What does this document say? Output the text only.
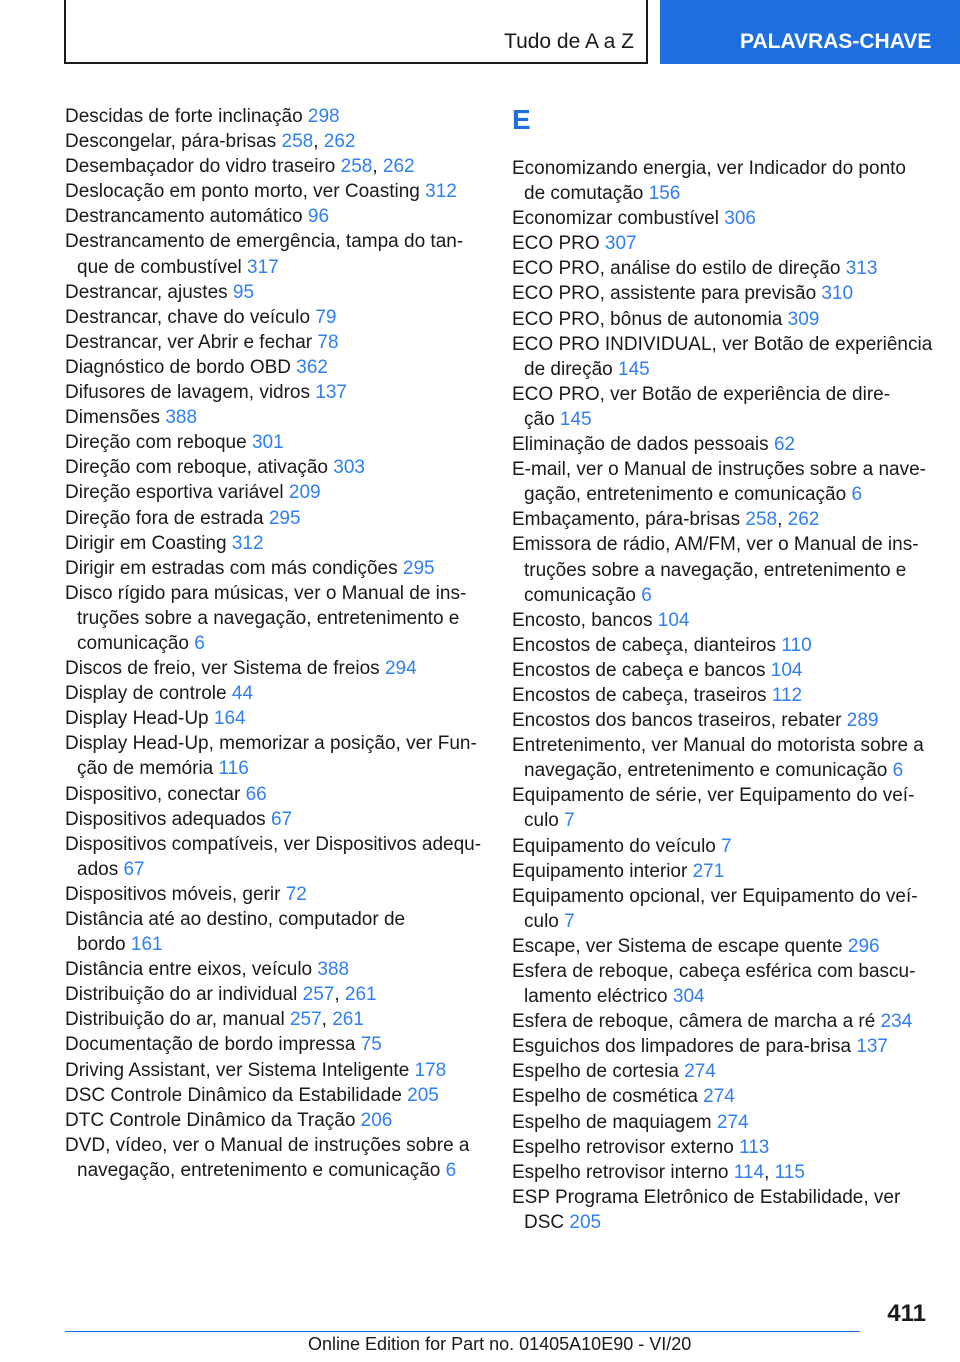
Tudo de A a Z	PALAVRAS-CHAVE
Descidas de forte inclinação 298
Descongelar, pára-brisas 258, 262
Desembaçador do vidro traseiro 258, 262
Deslocação em ponto morto, ver Coasting 312
Destrancamento automático 96
Destrancamento de emergência, tampa do tan-
que de combustível 317
Destrancar, ajustes 95
Destrancar, chave do veículo 79
Destrancar, ver Abrir e fechar 78
Diagnóstico de bordo OBD 362
Difusores de lavagem, vidros 137
Dimensões 388
Direção com reboque 301
Direção com reboque, ativação 303
Direção esportiva variável 209
Direção fora de estrada 295
Dirigir em Coasting 312
Dirigir em estradas com más condições 295
Disco rígido para músicas, ver o Manual de ins-
truções sobre a navegação, entretenimento e
comunicação 6
Discos de freio, ver Sistema de freios 294
Display de controle 44
Display Head-Up 164
Display Head-Up, memorizar a posição, ver Fun-
ção de memória 116
Dispositivo, conectar 66
Dispositivos adequados 67
Dispositivos compatíveis, ver Dispositivos adequ-
ados 67
Dispositivos móveis, gerir 72
Distância até ao destino, computador de
bordo 161
Distância entre eixos, veículo 388
Distribuição do ar individual 257, 261
Distribuição do ar, manual 257, 261
Documentação de bordo impressa 75
Driving Assistant, ver Sistema Inteligente 178
DSC Controle Dinâmico da Estabilidade 205
DTC Controle Dinâmico da Tração 206
DVD, vídeo, ver o Manual de instruções sobre a
navegação, entretenimento e comunicação 6
E
Economizando energia, ver Indicador do ponto
de comutação 156
Economizar combustível 306
ECO PRO 307
ECO PRO, análise do estilo de direção 313
ECO PRO, assistente para previsão 310
ECO PRO, bônus de autonomia 309
ECO PRO INDIVIDUAL, ver Botão de experiência
de direção 145
ECO PRO, ver Botão de experiência de dire-
ção 145
Eliminação de dados pessoais 62
E-mail, ver o Manual de instruções sobre a nave-
gação, entretenimento e comunicação 6
Embaçamento, pára-brisas 258, 262
Emissora de rádio, AM/FM, ver o Manual de ins-
truções sobre a navegação, entretenimento e
comunicação 6
Encosto, bancos 104
Encostos de cabeça, dianteiros 110
Encostos de cabeça e bancos 104
Encostos de cabeça, traseiros 112
Encostos dos bancos traseiros, rebater 289
Entretenimento, ver Manual do motorista sobre a
navegação, entretenimento e comunicação 6
Equipamento de série, ver Equipamento do veí-
culo 7
Equipamento do veículo 7
Equipamento interior 271
Equipamento opcional, ver Equipamento do veí-
culo 7
Escape, ver Sistema de escape quente 296
Esfera de reboque, cabeça esférica com bascu-
lamento eléctrico 304
Esfera de reboque, câmera de marcha a ré 234
Esguichos dos limpadores de para-brisa 137
Espelho de cortesia 274
Espelho de cosmética 274
Espelho de maquiagem 274
Espelho retrovisor externo 113
Espelho retrovisor interno 114, 115
ESP Programa Eletrônico de Estabilidade, ver
DSC 205
411
Online Edition for Part no. 01405A10E90 - VI/20
